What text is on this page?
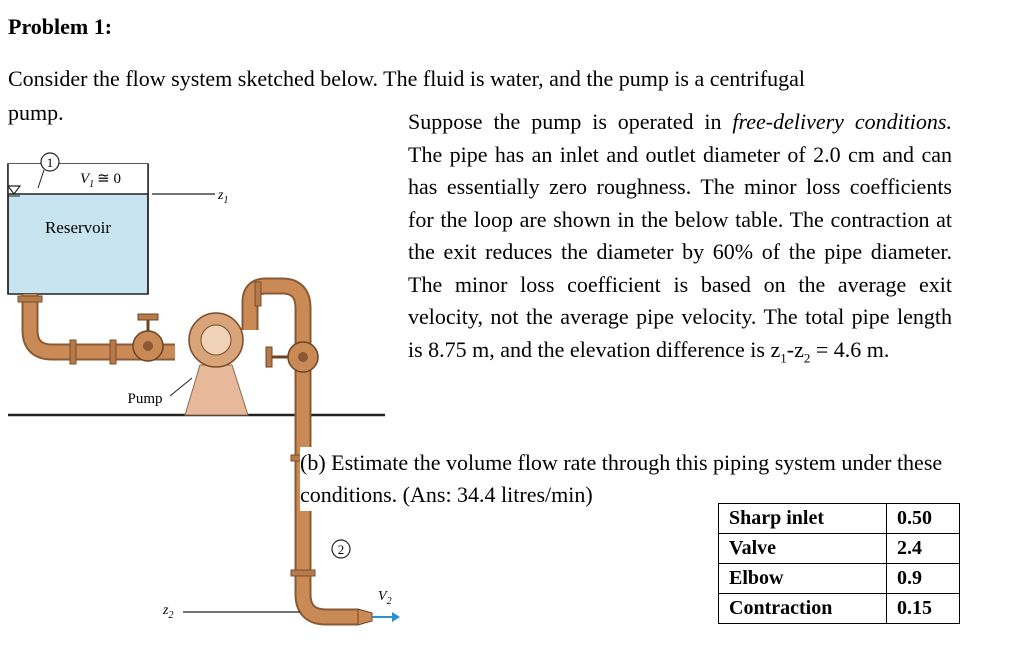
Problem 1:
Consider the flow system sketched below. The fluid is water, and the pump is a centrifugal
pump.
1
$V_1$ ≅ 0
$z_1$
Reservoir
Pump
2
$V_2$
$z_2$
Suppose the pump is operated in free-delivery conditions. The pipe has an inlet and outlet diameter of 2.0 cm and can has essentially zero roughness. The minor loss coefficients for the loop are shown in the below table. The contraction at the exit reduces the diameter by 60% of the pipe diameter. The minor loss coefficient is based on the average exit velocity, not the average pipe velocity. The total pipe length is 8.75 m, and the elevation difference is $z_1-z_2 = 4.6$ m.
(b) Estimate the volume flow rate through this piping system under these conditions. (Ans: 34.4 litres/min)
Sharp inlet	0.50
Valve	2.4
Elbow	0.9
Contraction	0.15
